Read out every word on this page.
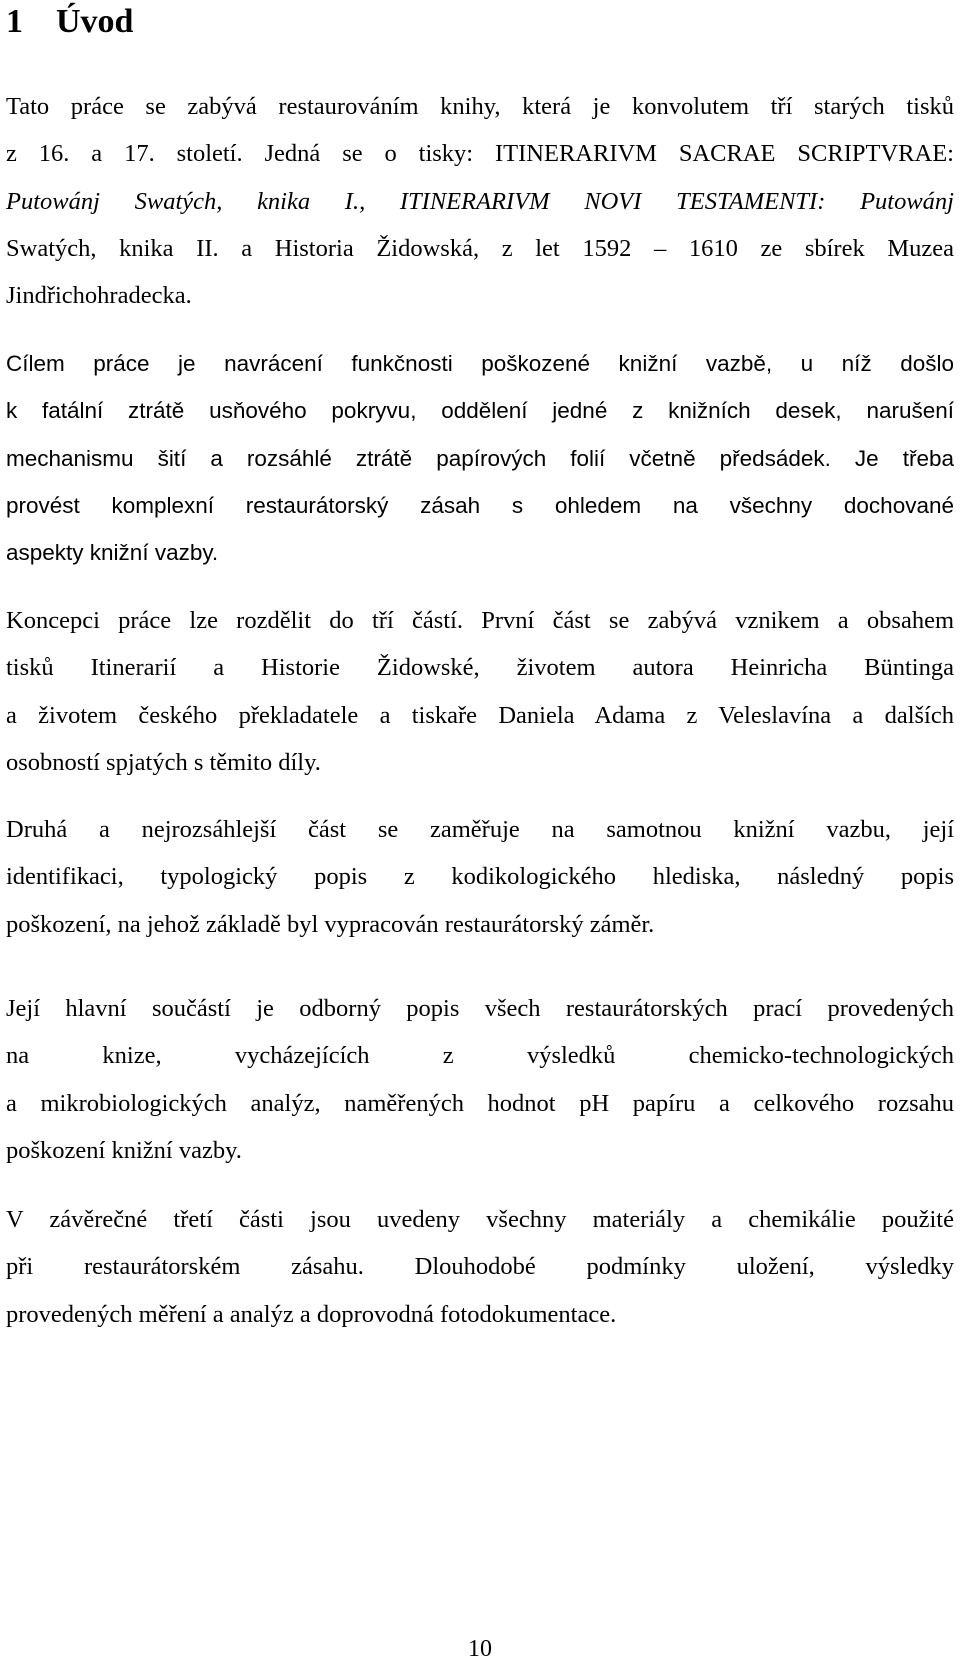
1 Úvod
Tato práce se zabývá restaurováním knihy, která je konvolutem tří starých tisků
z 16. a 17. století. Jedná se o tisky: ITINERARIVM SACRAE SCRIPTVRAE:
Putowánj Swatých, knika I., ITINERARIVM NOVI TESTAMENTI: Putowánj
Swatých, knika II. a Historia Židowská, z let 1592 – 1610 ze sbírek Muzea
Jindřichohradecka.
Cílem práce je navrácení funkčnosti poškozené knižní vazbě, u níž došlo
k fatální ztrátě usňového pokryvu, oddělení jedné z knižních desek, narušení
mechanismu šití a rozsáhlé ztrátě papírových folií včetně předsádek. Je třeba
provést komplexní restaurátorský zásah s ohledem na všechny dochované
aspekty knižní vazby.
Koncepci práce lze rozdělit do tří částí. První část se zabývá vznikem a obsahem
tisků Itinerarií a Historie Židowské, životem autora Heinricha Büntinga
a životem českého překladatele a tiskaře Daniela Adama z Veleslavína a dalších
osobností spjatých s těmito díly.
Druhá a nejrozsáhlejší část se zaměřuje na samotnou knižní vazbu, její
identifikaci, typologický popis z kodikologického hlediska, následný popis
poškození, na jehož základě byl vypracován restaurátorský záměr.
Její hlavní součástí je odborný popis všech restaurátorských prací provedených
na knize, vycházejících z výsledků chemicko-technologických
a mikrobiologických analýz, naměřených hodnot pH papíru a celkového rozsahu
poškození knižní vazby.
V závěrečné třetí části jsou uvedeny všechny materiály a chemikálie použité
při restaurátorském zásahu. Dlouhodobé podmínky uložení, výsledky
provedených měření a analýz a doprovodná fotodokumentace.

10
